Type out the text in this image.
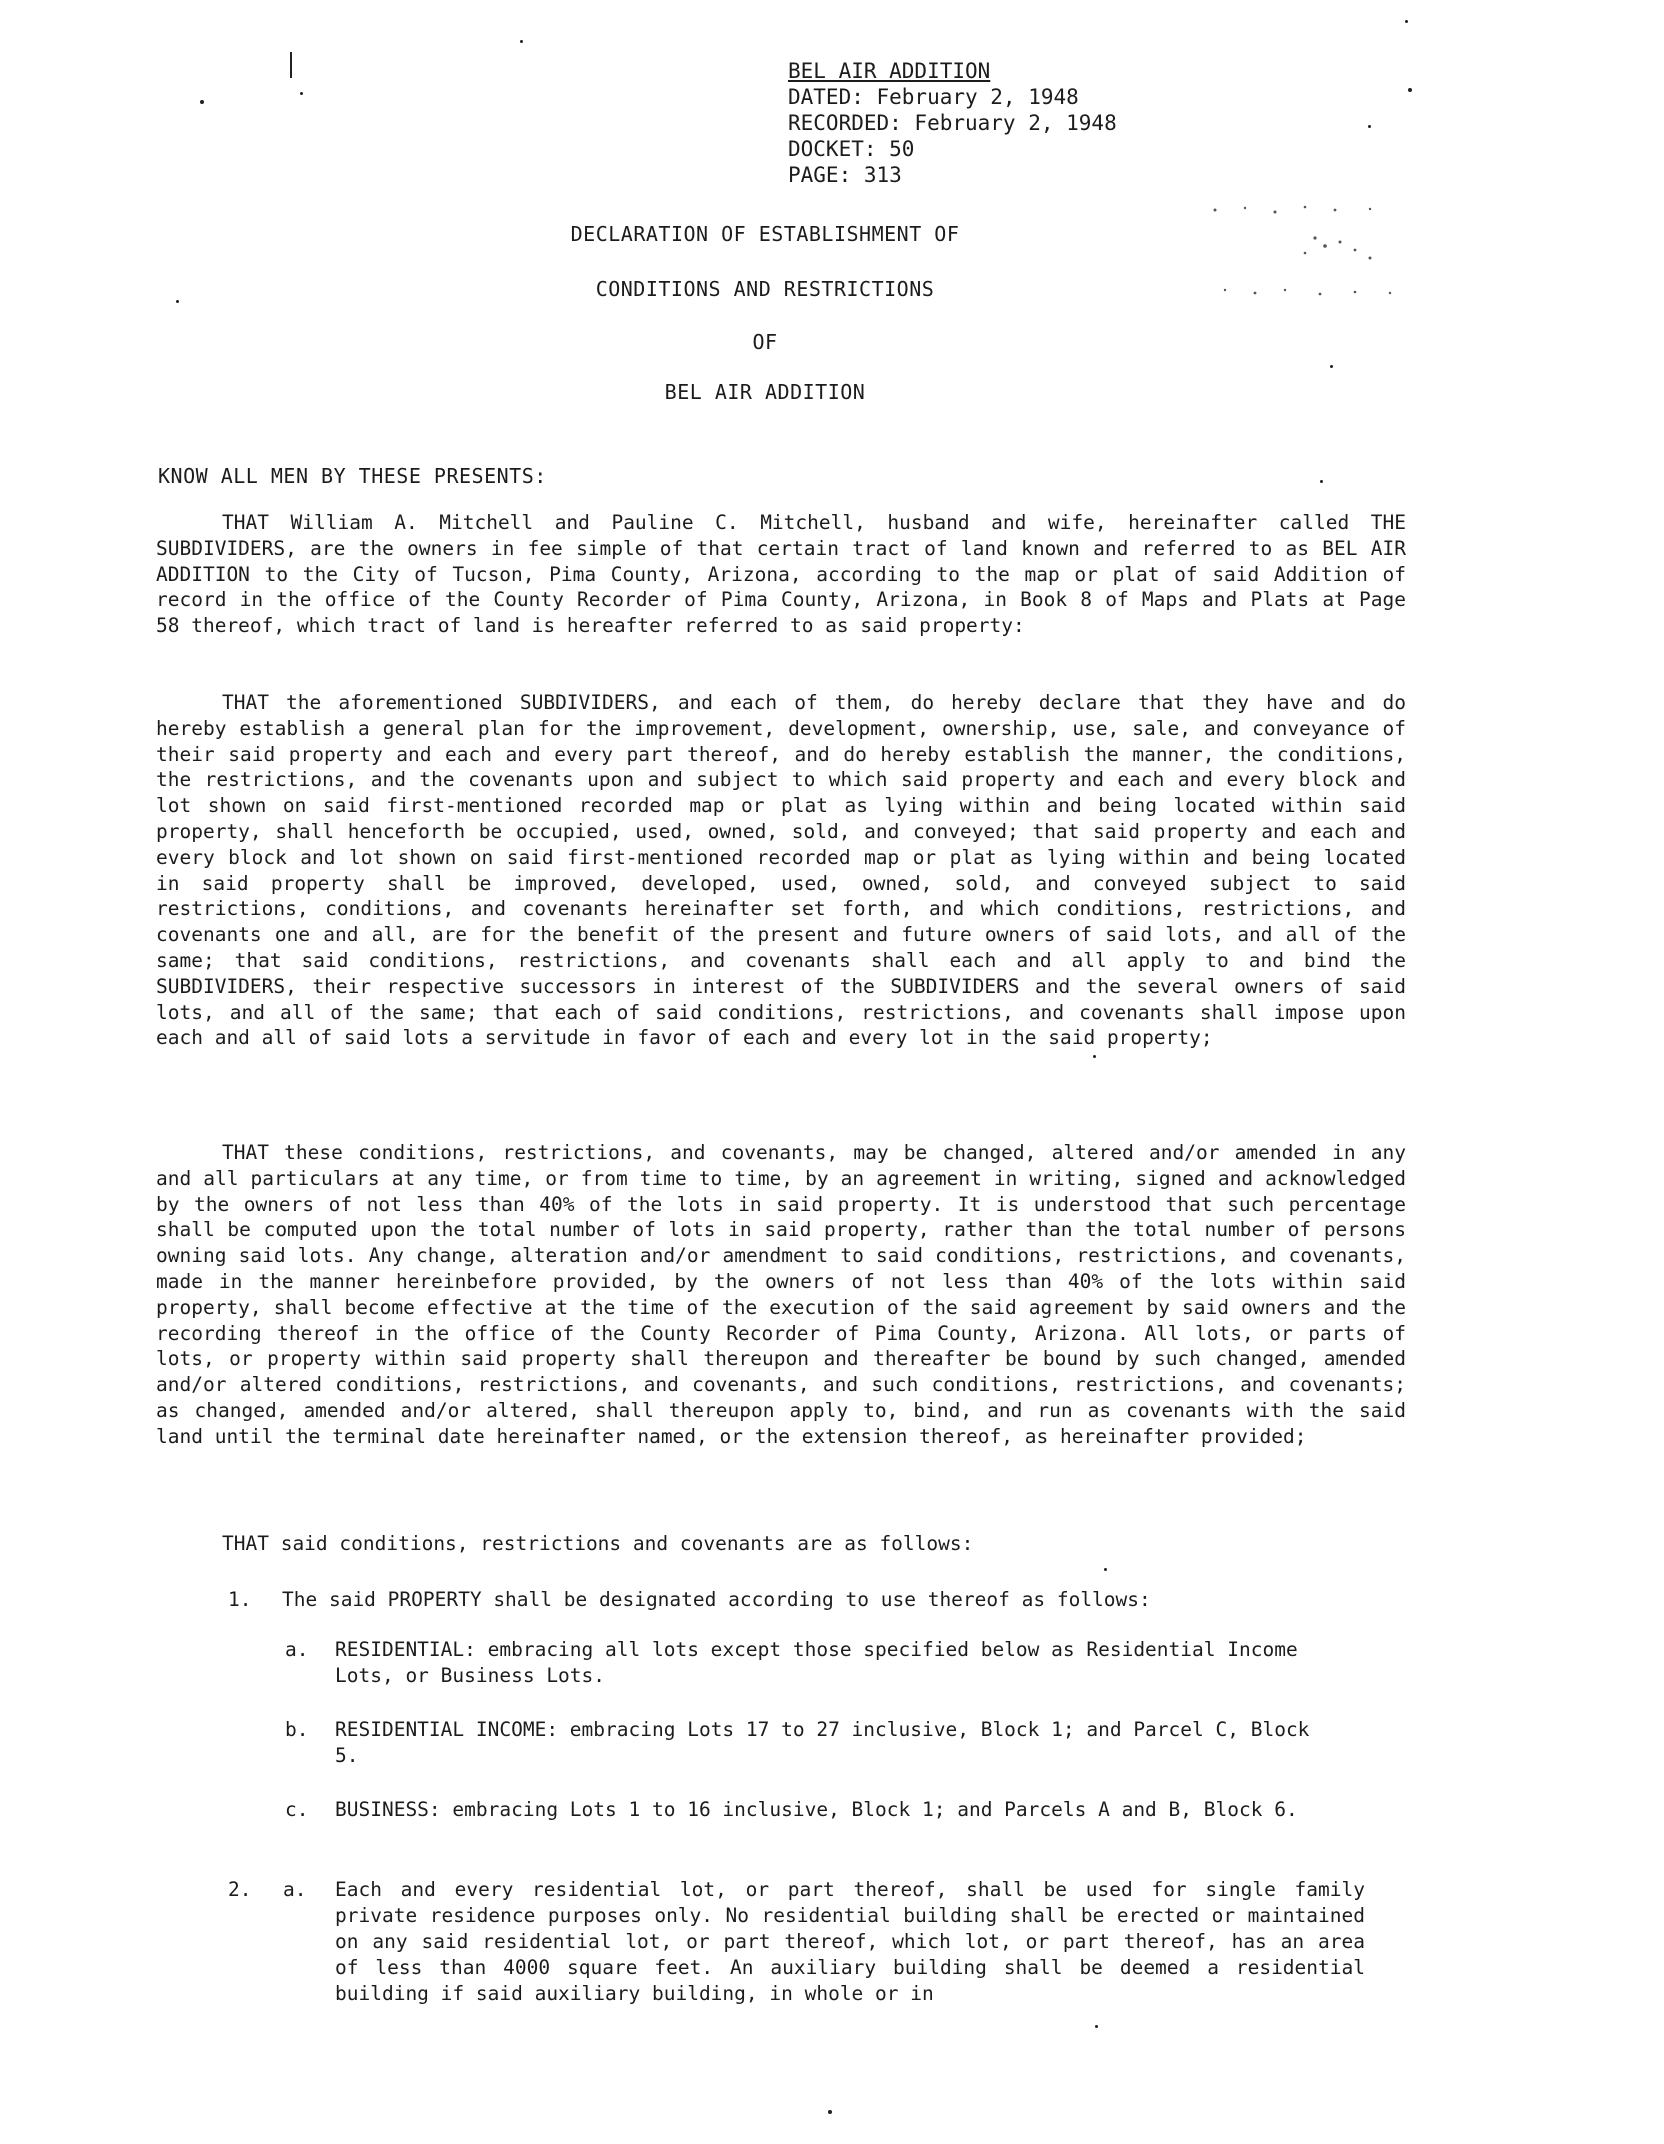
BEL AIR ADDITION
DATED: February 2, 1948
RECORDED: February 2, 1948
DOCKET: 50
PAGE: 313
DECLARATION OF ESTABLISHMENT OF
CONDITIONS AND RESTRICTIONS
OF
BEL AIR ADDITION
KNOW ALL MEN BY THESE PRESENTS:

THAT William A. Mitchell and Pauline C. Mitchell, husband and wife, hereinafter called THE SUBDIVIDERS, are the owners in fee simple of that certain tract of land known and referred to as BEL AIR ADDITION to the City of Tucson, Pima County, Arizona, according to the map or plat of said Addition of record in the office of the County Recorder of Pima County, Arizona, in Book 8 of Maps and Plats at Page 58 thereof, which tract of land is hereafter referred to as said property:

THAT the aforementioned SUBDIVIDERS, and each of them, do hereby declare that they have and do hereby establish a general plan for the improvement, development, ownership, use, sale, and conveyance of their said property and each and every part thereof, and do hereby establish the manner, the conditions, the restrictions, and the covenants upon and subject to which said property and each and every block and lot shown on said first-mentioned recorded map or plat as lying within and being located within said property, shall henceforth be occupied, used, owned, sold, and conveyed; that said property and each and every block and lot shown on said first-mentioned recorded map or plat as lying within and being located in said property shall be improved, developed, used, owned, sold, and conveyed subject to said restrictions, conditions, and covenants hereinafter set forth, and which conditions, restrictions, and covenants one and all, are for the benefit of the present and future owners of said lots, and all of the same; that said conditions, restrictions, and covenants shall each and all apply to and bind the SUBDIVIDERS, their respective successors in interest of the SUBDIVIDERS and the several owners of said lots, and all of the same; that each of said conditions, restrictions, and covenants shall impose upon each and all of said lots a servitude in favor of each and every lot in the said property;

THAT these conditions, restrictions, and covenants, may be changed, altered and/or amended in any and all particulars at any time, or from time to time, by an agreement in writing, signed and acknowledged by the owners of not less than 40% of the lots in said property. It is understood that such percentage shall be computed upon the total number of lots in said property, rather than the total number of persons owning said lots. Any change, alteration and/or amendment to said conditions, restrictions, and covenants, made in the manner hereinbefore provided, by the owners of not less than 40% of the lots within said property, shall become effective at the time of the execution of the said agreement by said owners and the recording thereof in the office of the County Recorder of Pima County, Arizona. All lots, or parts of lots, or property within said property shall thereupon and thereafter be bound by such changed, amended and/or altered conditions, restrictions, and covenants, and such conditions, restrictions, and covenants; as changed, amended and/or altered, shall thereupon apply to, bind, and run as covenants with the said land until the terminal date hereinafter named, or the extension thereof, as hereinafter provided;

THAT said conditions, restrictions and covenants are as follows:
1. The said PROPERTY shall be designated according to use thereof as follows:
a. RESIDENTIAL: embracing all lots except those specified below as Residential Income Lots, or Business Lots.
b. RESIDENTIAL INCOME: embracing Lots 17 to 27 inclusive, Block 1; and Parcel C, Block 5.
c. BUSINESS: embracing Lots 1 to 16 inclusive, Block 1; and Parcels A and B, Block 6.
2. a. Each and every residential lot, or part thereof, shall be used for single family private residence purposes only. No residential building shall be erected or maintained on any said residential lot, or part thereof, which lot, or part thereof, has an area of less than 4000 square feet. An auxiliary building shall be deemed a residential building if said auxiliary building, in whole or in
